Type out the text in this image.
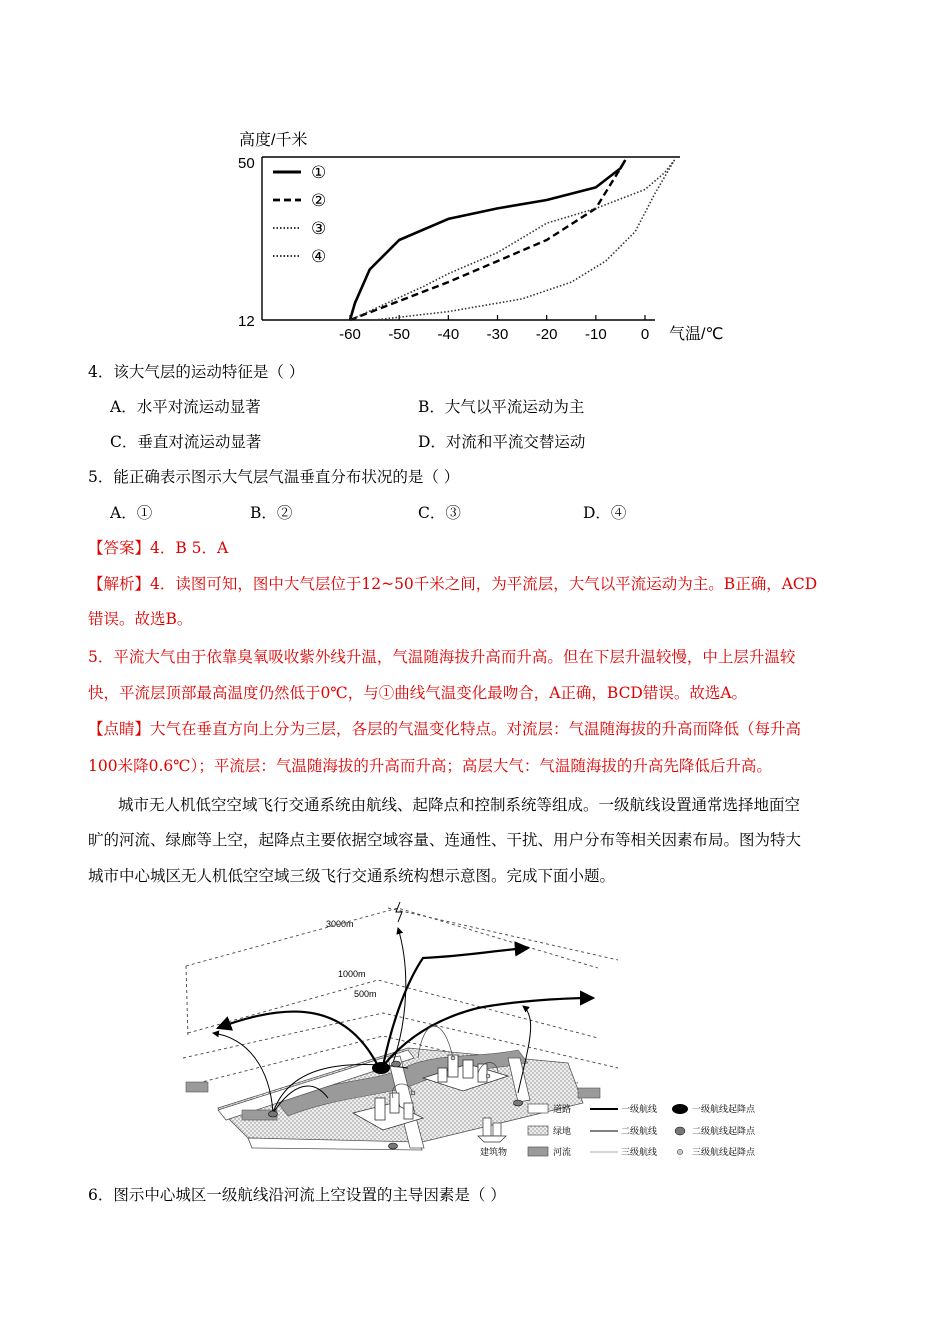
高度/千米
气温/℃
50
12
-60 -50 -40 -30 -20 -10 0
①
②
③
④
4．该大气层的运动特征是（ ）
A．水平对流运动显著	B．大气以平流运动为主
C．垂直对流运动显著	D．对流和平流交替运动
5．能正确表示图示大气层气温垂直分布状况的是（ ）
A．①	B．②	C．③	D．④
【答案】4．B 5．A
【解析】4．读图可知，图中大气层位于12~50千米之间，为平流层，大气以平流运动为主。B正确，ACD
错误。故选B。
5．平流大气由于依靠臭氧吸收紫外线升温，气温随海拔升高而升高。但在下层升温较慢，中上层升温较
快，平流层顶部最高温度仍然低于0℃，与①曲线气温变化最吻合，A正确，BCD错误。故选A。
【点睛】大气在垂直方向上分为三层，各层的气温变化特点。对流层：气温随海拔的升高而降低（每升高
100米降0.6℃）；平流层：气温随海拔的升高而升高；高层大气：气温随海拔的升高先降低后升高。
城市无人机低空空域飞行交通系统由航线、起降点和控制系统等组成。一级航线设置通常选择地面空
旷的河流、绿廊等上空，起降点主要依据空域容量、连通性、干扰、用户分布等相关因素布局。图为特大
城市中心城区无人机低空空域三级飞行交通系统构想示意图。完成下面小题。
3000m
1000m
500m
道路
绿地
河流
建筑物
一级航线
二级航线
三级航线
一级航线起降点
二级航线起降点
三级航线起降点
6．图示中心城区一级航线沿河流上空设置的主导因素是（ ）
